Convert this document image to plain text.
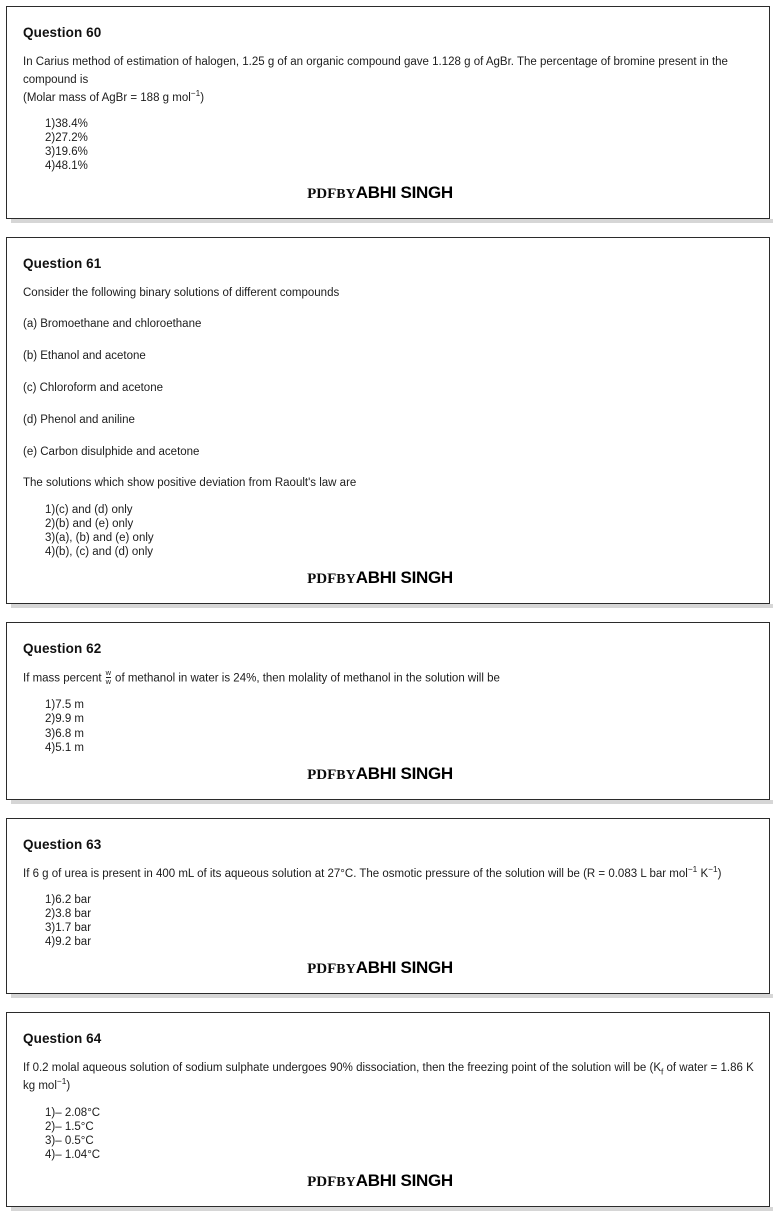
Question 60

In Carius method of estimation of halogen, 1.25 g of an organic compound gave 1.128 g of AgBr. The percentage of bromine present in the compound is
(Molar mass of AgBr = 188 g mol$^{-1}$)

1)38.4%
2)27.2%
3)19.6%
4)48.1%
PDFBYABHI SINGH
Question 61

Consider the following binary solutions of different compounds

(a) Bromoethane and chloroethane

(b) Ethanol and acetone

(c) Chloroform and acetone

(d) Phenol and aniline

(e) Carbon disulphide and acetone

The solutions which show positive deviation from Raoult's law are

1)(c) and (d) only
2)(b) and (e) only
3)(a), (b) and (e) only
4)(b), (c) and (d) only
PDFBYABHI SINGH
Question 62

If mass percent $\frac{w}{w}$ of methanol in water is 24%, then molality of methanol in the solution will be

1)7.5 m
2)9.9 m
3)6.8 m
4)5.1 m
PDFBYABHI SINGH
Question 63

If 6 g of urea is present in 400 mL of its aqueous solution at 27°C. The osmotic pressure of the solution will be (R = 0.083 L bar mol$^{-1}$ $K^{-1}$)

1)6.2 bar
2)3.8 bar
3)1.7 bar
4)9.2 bar
PDFBYABHI SINGH
Question 64

If 0.2 molal aqueous solution of sodium sulphate undergoes 90% dissociation, then the freezing point of the solution will be ($K_f$ of water = 1.86 K kg mol$^{-1}$)

1)– 2.08°C
2)– 1.5°C
3)– 0.5°C
4)– 1.04°C
PDFBYABHI SINGH
